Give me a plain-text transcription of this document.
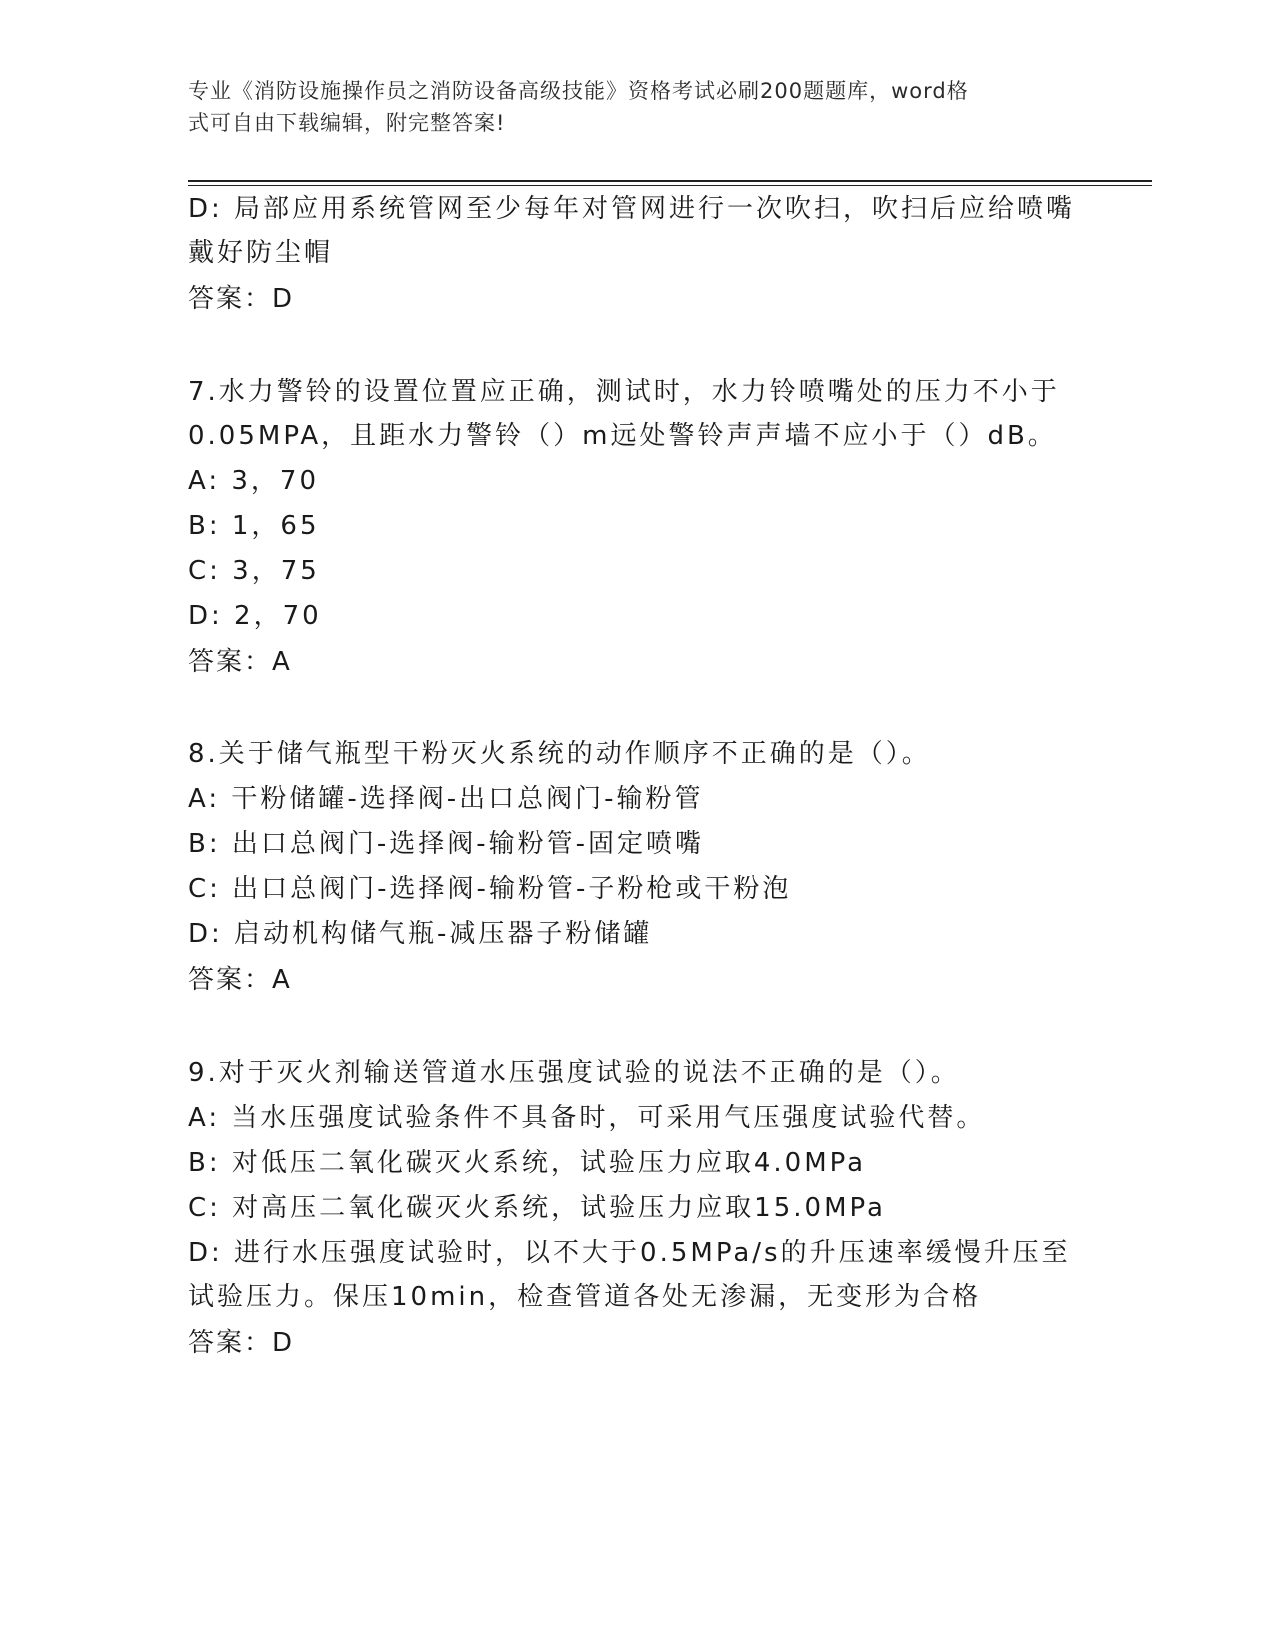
专业《消防设施操作员之消防设备高级技能》资格考试必刷200题题库，word格
式可自由下载编辑，附完整答案!
D: 局部应用系统管网至少每年对管网进行一次吹扫，吹扫后应给喷嘴
戴好防尘帽
答案：D
7.水力警铃的设置位置应正确，测试时，水力铃喷嘴处的压力不小于
0.05MPA，且距水力警铃（）m远处警铃声声墙不应小于（）dB。
A: 3，70
B: 1，65
C: 3，75
D: 2，70
答案：A
8.关于储气瓶型干粉灭火系统的动作顺序不正确的是（）。
A: 干粉储罐-选择阀-出口总阀门-输粉管
B: 出口总阀门-选择阀-输粉管-固定喷嘴
C: 出口总阀门-选择阀-输粉管-子粉枪或干粉泡
D: 启动机构储气瓶-减压器子粉储罐
答案：A
9.对于灭火剂输送管道水压强度试验的说法不正确的是（）。
A: 当水压强度试验条件不具备时，可采用气压强度试验代替。
B: 对低压二氧化碳灭火系统，试验压力应取4.0MPa
C: 对高压二氧化碳灭火系统，试验压力应取15.0MPa
D: 进行水压强度试验时，以不大于0.5MPa/s的升压速率缓慢升压至
试验压力。保压10min，检查管道各处无渗漏，无变形为合格
答案：D
